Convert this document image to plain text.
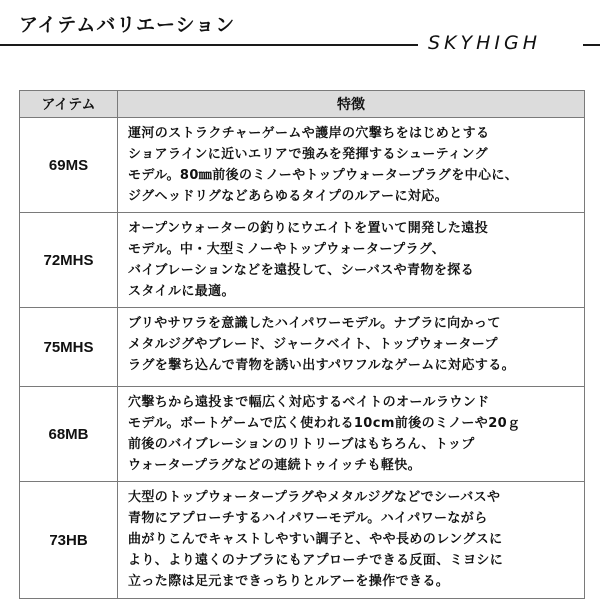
アイテムバリエーション
SKYHIGH
アイテム	特徴
69MS	運河のストラクチャーゲームや護岸の穴撃ちをはじめとする
ショアラインに近いエリアで強みを発揮するシューティング
モデル。80㎜前後のミノーやトップウォータープラグを中心に、
ジグヘッドリグなどあらゆるタイプのルアーに対応。

72MHS	オープンウォーターの釣りにウエイトを置いて開発した遠投
モデル。中・大型ミノーやトップウォータープラグ、
バイブレーションなどを遠投して、シーバスや青物を探る
スタイルに最適。

75MHS	ブリやサワラを意識したハイパワーモデル。ナブラに向かって
メタルジグやブレード、ジャークベイト、トップウォータープ
ラグを撃ち込んで青物を誘い出すパワフルなゲームに対応する。

68MB	穴撃ちから遠投まで幅広く対応するベイトのオールラウンド
モデル。ボートゲームで広く使われる10cm前後のミノーや20ｇ
前後のバイブレーションのリトリーブはもちろん、トップ
ウォータープラグなどの連続トゥイッチも軽快。

73HB	大型のトップウォータープラグやメタルジグなどでシーバスや
青物にアプローチするハイパワーモデル。ハイパワーながら
曲がりこんでキャストしやすい調子と、やや長めのレングスに
より、より遠くのナブラにもアプローチできる反面、ミヨシに
立った際は足元まできっちりとルアーを操作できる。
